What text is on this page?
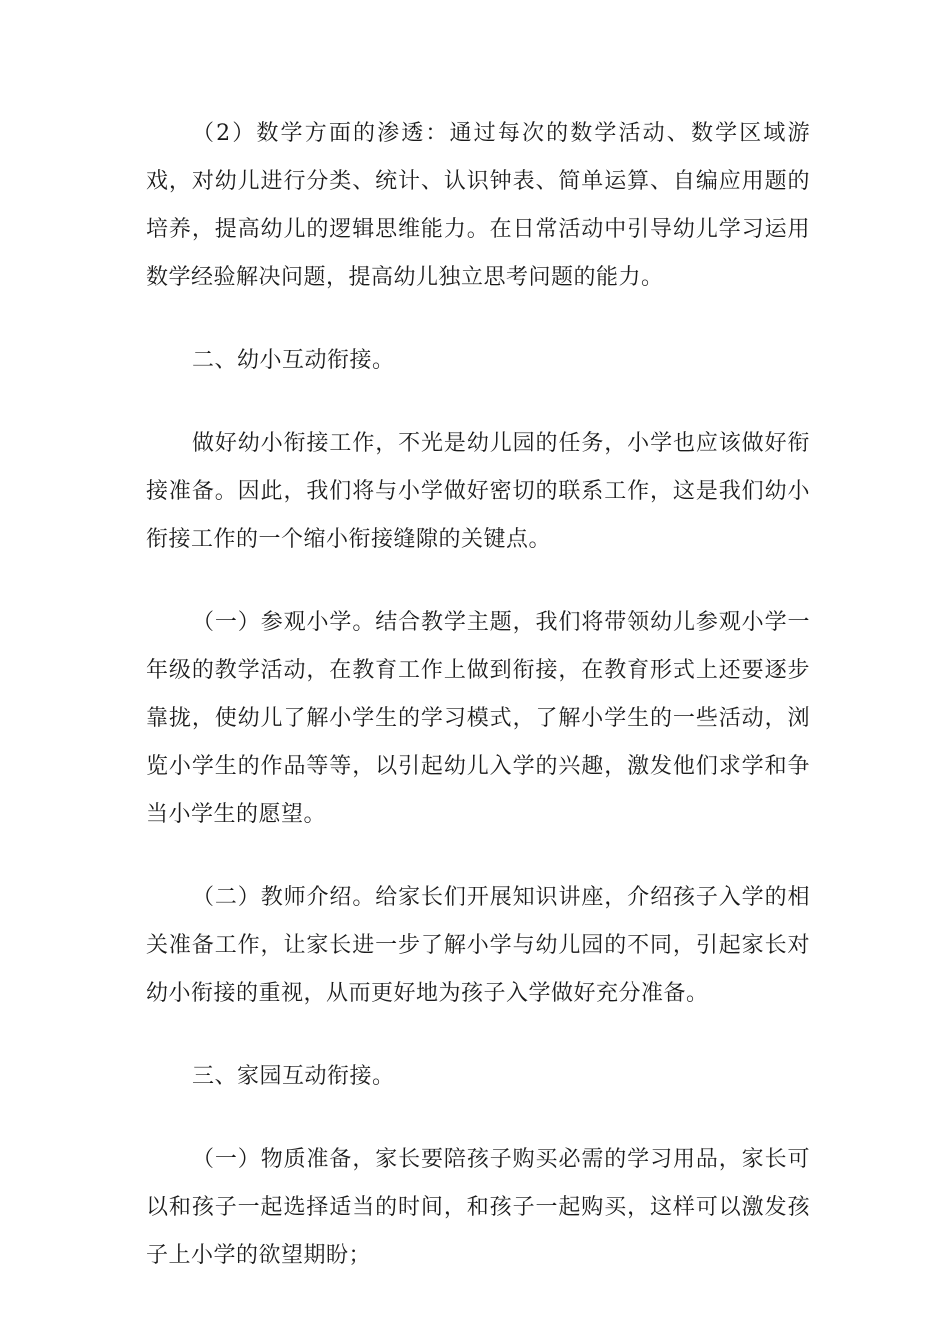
（2）数学方面的渗透：通过每次的数学活动、数学区域游戏，对幼儿进行分类、统计、认识钟表、简单运算、自编应用题的培养，提高幼儿的逻辑思维能力。在日常活动中引导幼儿学习运用数学经验解决问题，提高幼儿独立思考问题的能力。

二、幼小互动衔接。

做好幼小衔接工作，不光是幼儿园的任务，小学也应该做好衔接准备。因此，我们将与小学做好密切的联系工作，这是我们幼小衔接工作的一个缩小衔接缝隙的关键点。

（一）参观小学。结合教学主题，我们将带领幼儿参观小学一年级的教学活动，在教育工作上做到衔接，在教育形式上还要逐步靠拢，使幼儿了解小学生的学习模式，了解小学生的一些活动，浏览小学生的作品等等，以引起幼儿入学的兴趣，激发他们求学和争当小学生的愿望。

（二）教师介绍。给家长们开展知识讲座，介绍孩子入学的相关准备工作，让家长进一步了解小学与幼儿园的不同，引起家长对幼小衔接的重视，从而更好地为孩子入学做好充分准备。

三、家园互动衔接。

（一）物质准备，家长要陪孩子购买必需的学习用品，家长可以和孩子一起选择适当的时间，和孩子一起购买，这样可以激发孩子上小学的欲望期盼；
